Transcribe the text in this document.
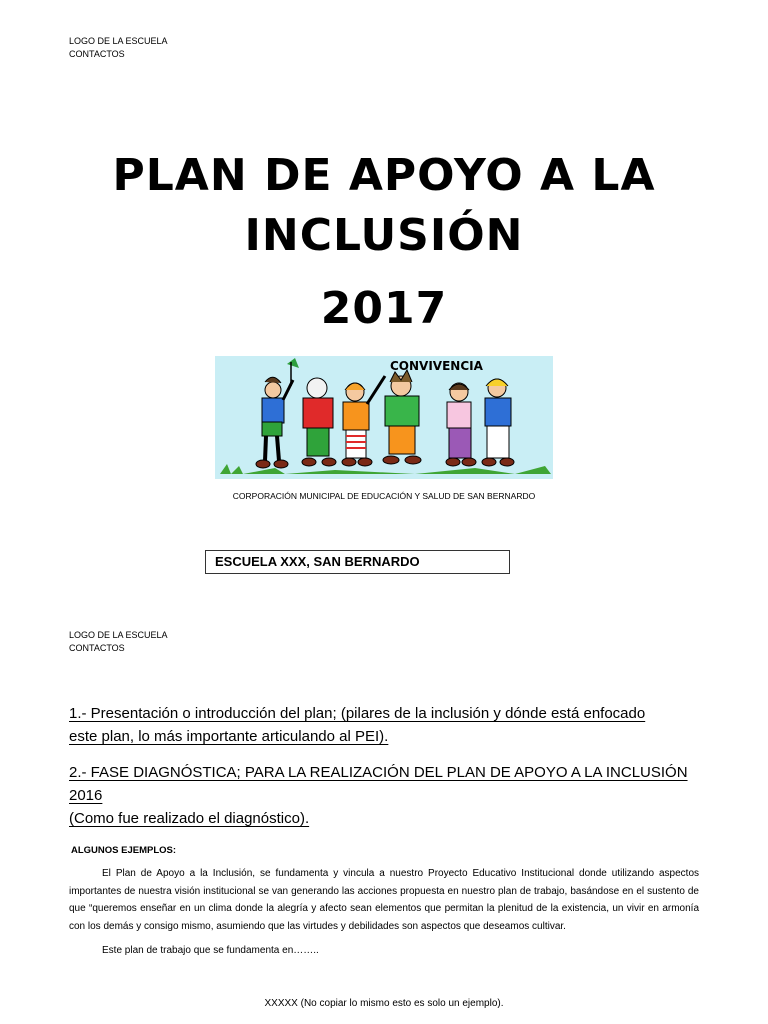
LOGO DE LA ESCUELA
CONTACTOS
PLAN DE APOYO A LA
INCLUSIÓN
2017
CONVIVENCIA
CORPORACIÓN MUNICIPAL DE EDUCACIÓN Y SALUD DE SAN BERNARDO
ESCUELA XXX, SAN BERNARDO
LOGO DE LA ESCUELA
CONTACTOS
1.- Presentación o introducción del plan; (pilares de la inclusión y dónde está enfocado
este plan, lo más importante articulando al PEI).
2.- FASE DIAGNÓSTICA; PARA LA REALIZACIÓN DEL PLAN DE APOYO A LA INCLUSIÓN 2016
(Como fue realizado el diagnóstico).
ALGUNOS EJEMPLOS:
El Plan de Apoyo a la Inclusión, se fundamenta y vincula a nuestro Proyecto Educativo Institucional donde utilizando aspectos importantes de nuestra visión institucional se van generando las acciones propuesta en nuestro plan de trabajo, basándose en el sustento de que “queremos enseñar en un clima donde la alegría y afecto sean elementos que permitan la plenitud de la existencia, un vivir en armonía con los demás y consigo mismo, asumiendo que las virtudes y debilidades son aspectos que deseamos cultivar.
Este plan de trabajo que se fundamenta en……..
XXXXX (No copiar lo mismo esto es solo un ejemplo).
